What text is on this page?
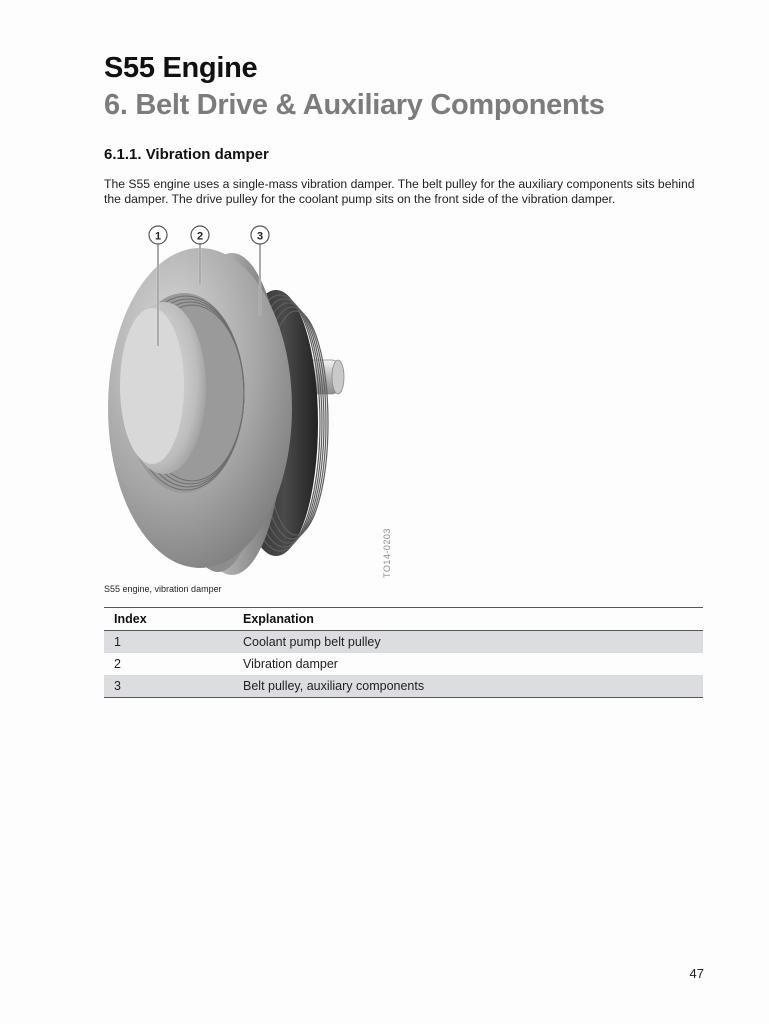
S55 Engine
6. Belt Drive & Auxiliary Components
6.1.1. Vibration damper

The S55 engine uses a single-mass vibration damper. The belt pulley for the auxiliary components sits behind the damper. The drive pulley for the coolant pump sits on the front side of the vibration damper.

1	2	3
TO14-0203
S55 engine, vibration damper
Index	Explanation
1	Coolant pump belt pulley
2	Vibration damper
3	Belt pulley, auxiliary components
47
